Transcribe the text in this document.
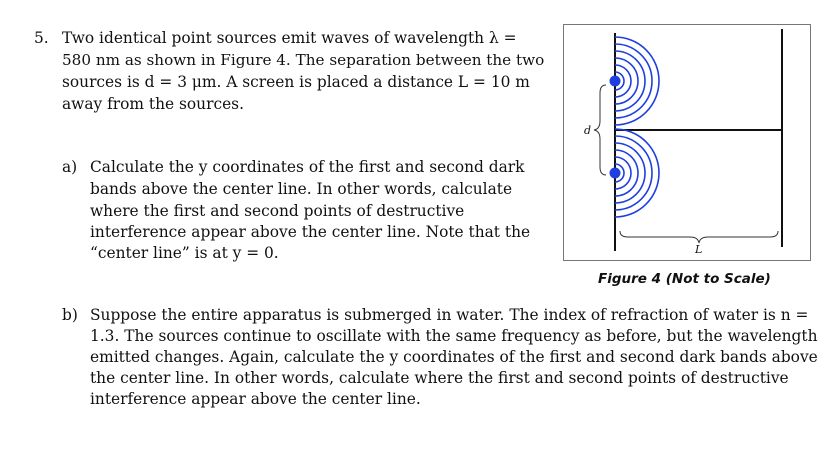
5. Two identical point sources emit waves of wavelength λ =
580 nm as shown in Figure 4. The separation between the two
sources is d = 3 μm. A screen is placed a distance L = 10 m
away from the sources.
a) Calculate the y coordinates of the first and second dark
bands above the center line. In other words, calculate
where the first and second points of destructive
interference appear above the center line. Note that the
“center line” is at y = 0.
d
L
Figure 4 (Not to Scale)
b) Suppose the entire apparatus is submerged in water. The index of refraction of water is n =
1.3. The sources continue to oscillate with the same frequency as before, but the wavelength
emitted changes. Again, calculate the y coordinates of the first and second dark bands above
the center line. In other words, calculate where the first and second points of destructive
interference appear above the center line.
